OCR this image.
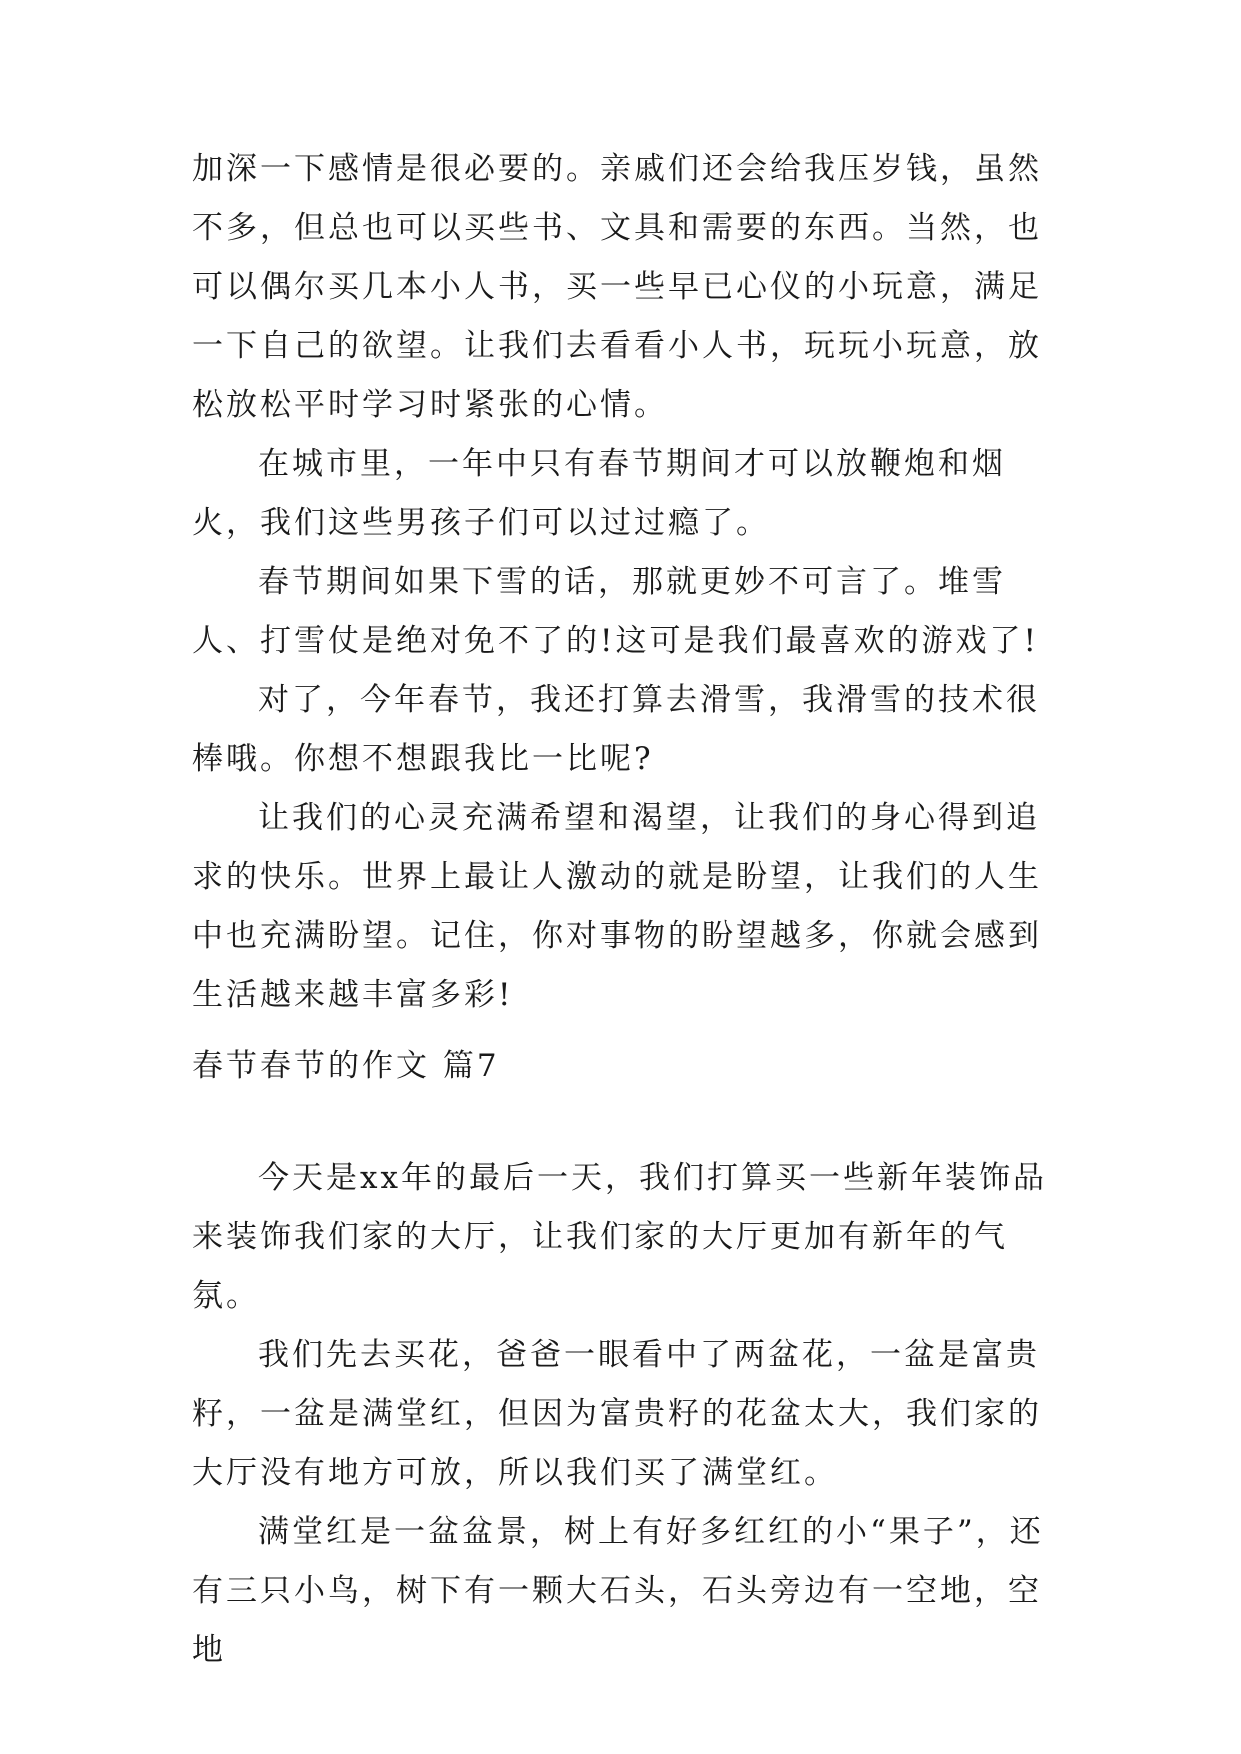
加深一下感情是很必要的。亲戚们还会给我压岁钱，虽然不多，但总也可以买些书、文具和需要的东西。当然，也可以偶尔买几本小人书，买一些早已心仪的小玩意，满足一下自己的欲望。让我们去看看小人书，玩玩小玩意，放松放松平时学习时紧张的心情。

在城市里，一年中只有春节期间才可以放鞭炮和烟火，我们这些男孩子们可以过过瘾了。

春节期间如果下雪的话，那就更妙不可言了。堆雪人、打雪仗是绝对免不了的!这可是我们最喜欢的游戏了!

对了，今年春节，我还打算去滑雪，我滑雪的技术很棒哦。你想不想跟我比一比呢?

让我们的心灵充满希望和渴望，让我们的身心得到追求的快乐。世界上最让人激动的就是盼望，让我们的人生中也充满盼望。记住，你对事物的盼望越多，你就会感到生活越来越丰富多彩!

春节春节的作文 篇7

今天是xx年的最后一天，我们打算买一些新年装饰品来装饰我们家的大厅，让我们家的大厅更加有新年的气氛。

我们先去买花，爸爸一眼看中了两盆花，一盆是富贵籽，一盆是满堂红，但因为富贵籽的花盆太大，我们家的大厅没有地方可放，所以我们买了满堂红。

满堂红是一盆盆景，树上有好多红红的小“果子”，还有三只小鸟，树下有一颗大石头，石头旁边有一空地，空地
